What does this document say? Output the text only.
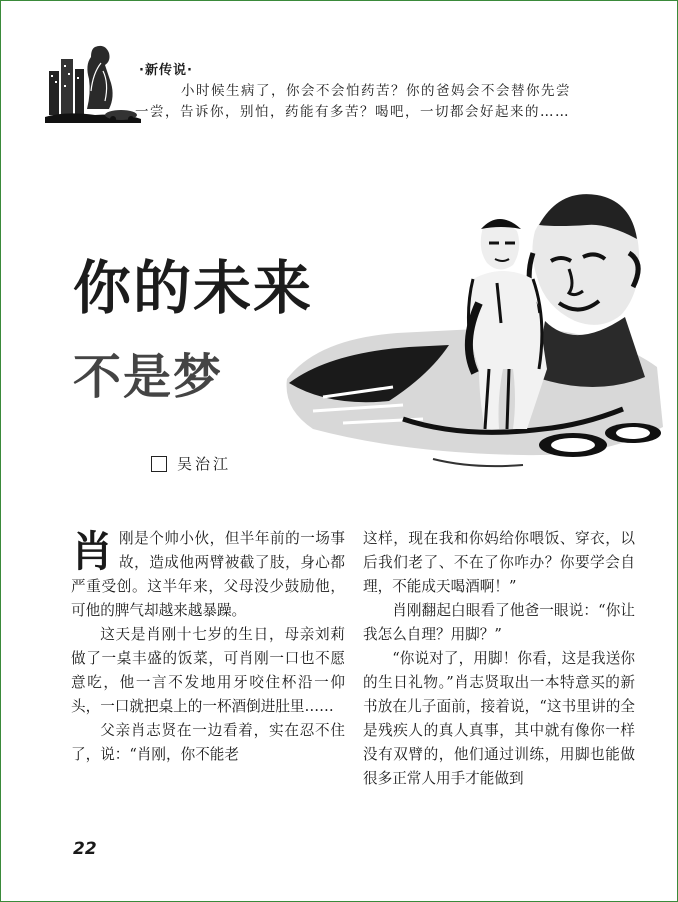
·新传说·
小时候生病了，你会不会怕药苦？你的爸妈会不会替你先尝
一尝，告诉你，别怕，药能有多苦？喝吧，一切都会好起来的……
你的未来
不是梦
吴治江

肖刚是个帅小伙，但半年前的一场事故，造成他两臂被截了肢，身心都严重受创。这半年来，父母没少鼓励他，可他的脾气却越来越暴躁。

这天是肖刚十七岁的生日，母亲刘莉做了一桌丰盛的饭菜，可肖刚一口也不愿意吃，他一言不发地用牙咬住杯沿一仰头，一口就把桌上的一杯酒倒进肚里……

父亲肖志贤在一边看着，实在忍不住了，说：“肖刚，你不能老

这样，现在我和你妈给你喂饭、穿衣，以后我们老了、不在了你咋办？你要学会自理，不能成天喝酒啊！”

肖刚翻起白眼看了他爸一眼说：“你让我怎么自理？用脚？”

“你说对了，用脚！你看，这是我送你的生日礼物。”肖志贤取出一本特意买的新书放在儿子面前，接着说，“这书里讲的全是残疾人的真人真事，其中就有像你一样没有双臂的，他们通过训练，用脚也能做很多正常人用手才能做到

22
